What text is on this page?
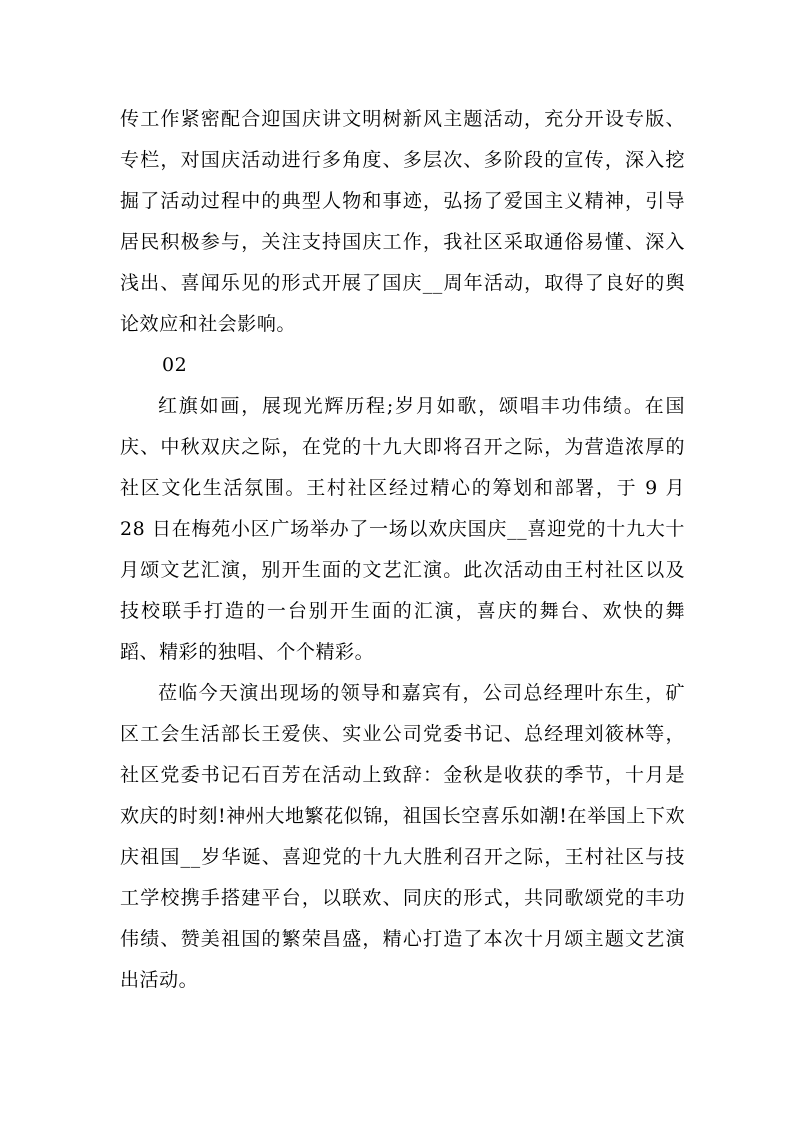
传工作紧密配合迎国庆讲文明树新风主题活动，充分开设专版、专栏，对国庆活动进行多角度、多层次、多阶段的宣传，深入挖掘了活动过程中的典型人物和事迹，弘扬了爱国主义精神，引导居民积极参与，关注支持国庆工作，我社区采取通俗易懂、深入浅出、喜闻乐见的形式开展了国庆__周年活动，取得了良好的舆论效应和社会影响。

02

红旗如画，展现光辉历程;岁月如歌，颂唱丰功伟绩。在国庆、中秋双庆之际，在党的十九大即将召开之际，为营造浓厚的社区文化生活氛围。王村社区经过精心的筹划和部署，于 9 月 28 日在梅苑小区广场举办了一场以欢庆国庆__喜迎党的十九大十月颂文艺汇演，别开生面的文艺汇演。此次活动由王村社区以及技校联手打造的一台别开生面的汇演，喜庆的舞台、欢快的舞蹈、精彩的独唱、个个精彩。

莅临今天演出现场的领导和嘉宾有，公司总经理叶东生，矿区工会生活部长王爱侠、实业公司党委书记、总经理刘筱林等，社区党委书记石百芳在活动上致辞：金秋是收获的季节，十月是欢庆的时刻!神州大地繁花似锦，祖国长空喜乐如潮!在举国上下欢庆祖国__岁华诞、喜迎党的十九大胜利召开之际，王村社区与技工学校携手搭建平台，以联欢、同庆的形式，共同歌颂党的丰功伟绩、赞美祖国的繁荣昌盛，精心打造了本次十月颂主题文艺演出活动。
